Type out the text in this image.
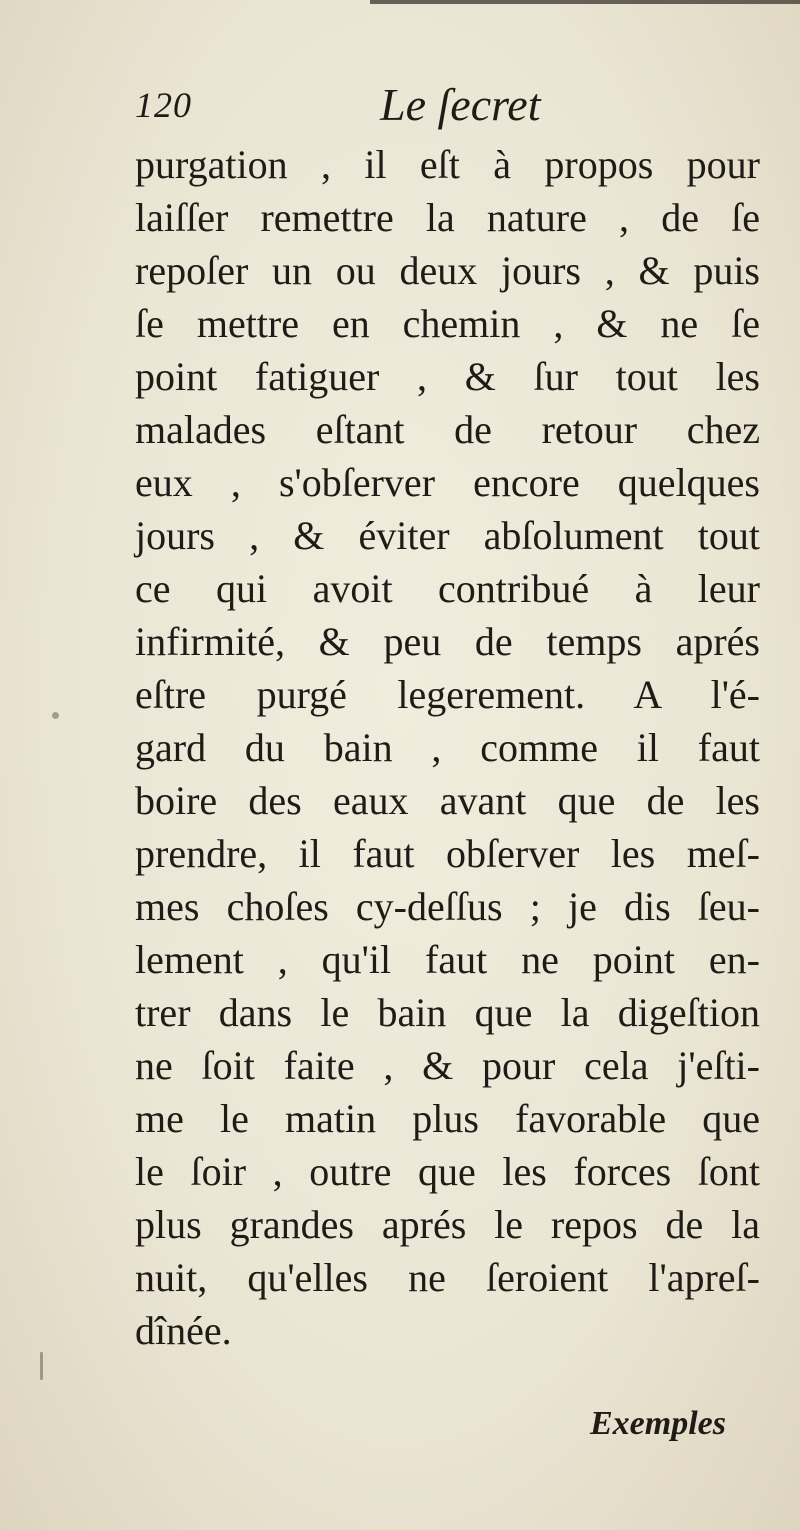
120	Le ſecret
purgation , il eſt à propos pour
laiſſer remettre la nature , de ſe
repoſer un ou deux jours , & puis
ſe mettre en chemin , & ne ſe
point fatiguer , & ſur tout les
malades eſtant de retour chez
eux , s'obſerver encore quelques
jours , & éviter abſolument tout
ce qui avoit contribué à leur
infirmité, & peu de temps aprés
eſtre purgé legerement. A l'é-
gard du bain , comme il faut
boire des eaux avant que de les
prendre, il faut obſerver les meſ-
mes choſes cy-deſſus ; je dis ſeu-
lement , qu'il faut ne point en-
trer dans le bain que la digeſtion
ne ſoit faite , & pour cela j'eſti-
me le matin plus favorable que
le ſoir , outre que les forces ſont
plus grandes aprés le repos de la
nuit, qu'elles ne ſeroient l'apreſ-
dînée.
Exemples
